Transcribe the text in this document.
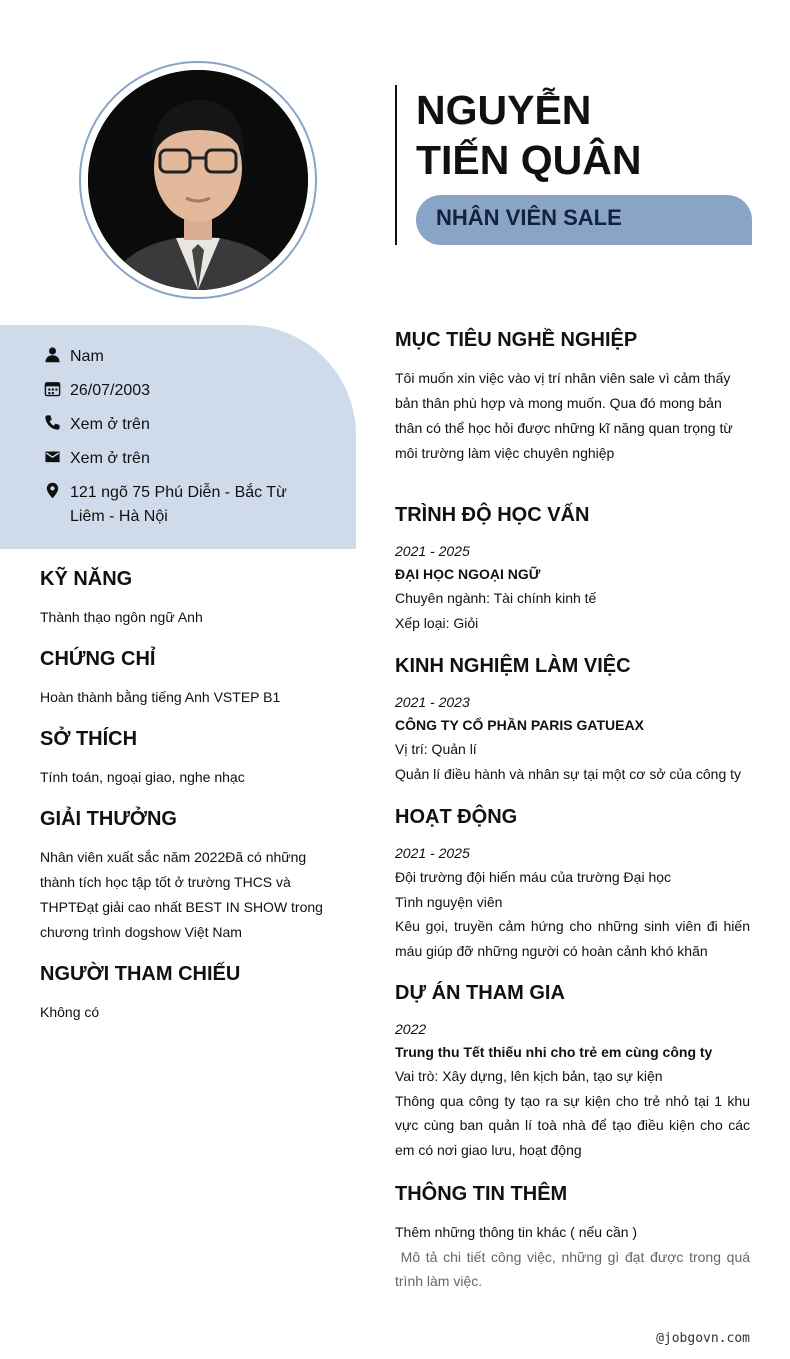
NGUYỄN TIẾN QUÂN
NHÂN VIÊN SALE
Nam
26/07/2003
Xem ở trên
Xem ở trên
121 ngõ 75 Phú Diễn - Bắc Từ Liêm - Hà Nội
KỸ NĂNG
Thành thạo ngôn ngữ Anh
CHỨNG CHỈ
Hoàn thành bằng tiếng Anh VSTEP B1
SỞ THÍCH
Tính toán, ngoại giao, nghe nhạc
GIẢI THƯỞNG
Nhân viên xuất sắc năm 2022Đã có những thành tích học tập tốt ở trường THCS và THPTĐạt giải cao nhất BEST IN SHOW trong chương trình dogshow Việt Nam
NGƯỜI THAM CHIẾU
Không có
MỤC TIÊU NGHỀ NGHIỆP
Tôi muốn xin việc vào vị trí nhân viên sale vì cảm thấy bản thân phù hợp và mong muốn. Qua đó mong bản thân có thể học hỏi được những kĩ năng quan trọng từ môi trường làm việc chuyên nghiệp
TRÌNH ĐỘ HỌC VẤN
2021 - 2025
ĐẠI HỌC NGOẠI NGỮ
Chuyên ngành: Tài chính kinh tế
Xếp loại: Giỏi
KINH NGHIỆM LÀM VIỆC
2021 - 2023
CÔNG TY CỔ PHẦN PARIS GATUEAX
Vị trí: Quản lí
Quản lí điều hành và nhân sự tại một cơ sở của công ty
HOẠT ĐỘNG
2021 - 2025
Đội trường đội hiến máu của trường Đại học
Tình nguyện viên
Kêu gọi, truyền cảm hứng cho những sinh viên đi hiến máu giúp đỡ những người có hoàn cảnh khó khăn
DỰ ÁN THAM GIA
2022
Trung thu Tết thiếu nhi cho trẻ em cùng công ty
Vai trò: Xây dựng, lên kịch bản, tạo sự kiện
Thông qua công ty tạo ra sự kiện cho trẻ nhỏ tại 1 khu vực cùng ban quản lí toà nhà để tạo điều kiện cho các em có nơi giao lưu, hoạt động
THÔNG TIN THÊM
Thêm những thông tin khác ( nếu cần )
Mô tả chi tiết công việc, những gì đạt được trong quá trình làm việc.
@jobgovn.com
